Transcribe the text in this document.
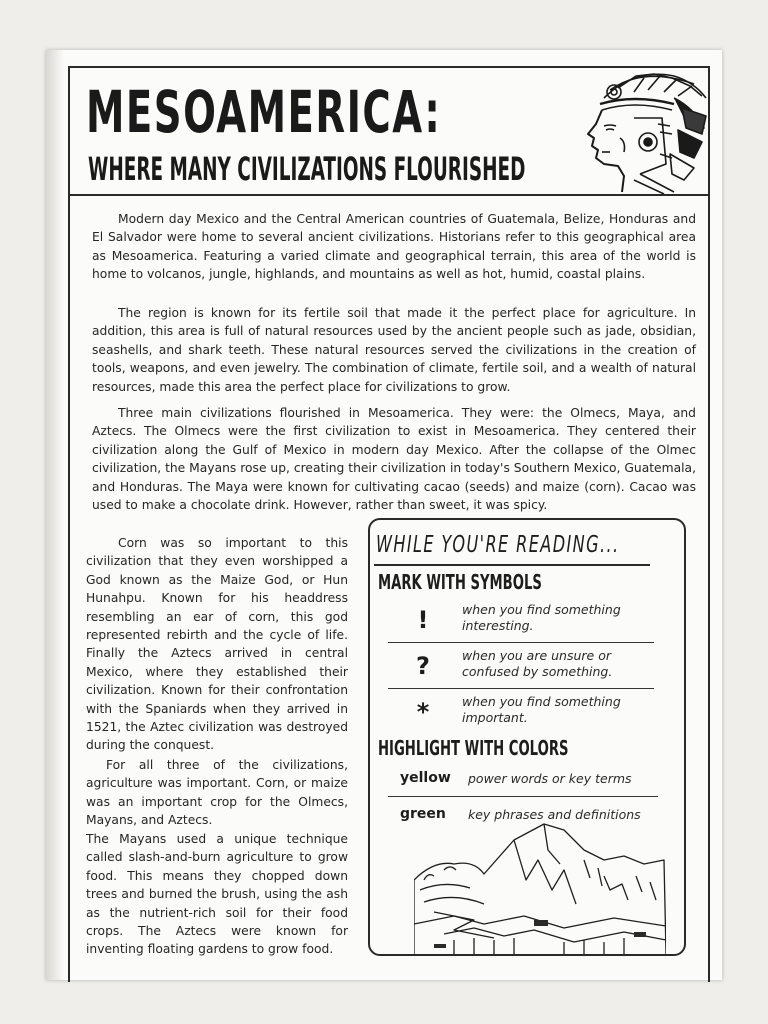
MESOAMERICA:
WHERE MANY CIVILIZATIONS FLOURISHED

Modern day Mexico and the Central American countries of Guatemala, Belize, Honduras and El Salvador were home to several ancient civilizations. Historians refer to this geographical area as Mesoamerica. Featuring a varied climate and geographical terrain, this area of the world is home to volcanos, jungle, highlands, and mountains as well as hot, humid, coastal plains.

The region is known for its fertile soil that made it the perfect place for agriculture. In addition, this area is full of natural resources used by the ancient people such as jade, obsidian, seashells, and shark teeth. These natural resources served the civilizations in the creation of tools, weapons, and even jewelry. The combination of climate, fertile soil, and a wealth of natural resources, made this area the perfect place for civilizations to grow.

Three main civilizations flourished in Mesoamerica. They were: the Olmecs, Maya, and Aztecs. The Olmecs were the first civilization to exist in Mesoamerica. They centered their civilization along the Gulf of Mexico in modern day Mexico. After the collapse of the Olmec civilization, the Mayans rose up, creating their civilization in today's Southern Mexico, Guatemala, and Honduras. The Maya were known for cultivating cacao (seeds) and maize (corn). Cacao was used to make a chocolate drink. However, rather than sweet, it was spicy.

Corn was so important to this civilization that they even worshipped a God known as the Maize God, or Hun Hunahpu. Known for his headdress resembling an ear of corn, this god represented rebirth and the cycle of life. Finally the Aztecs arrived in central Mexico, where they established their civilization. Known for their confrontation with the Spaniards when they arrived in 1521, the Aztec civilization was destroyed during the conquest.

For all three of the civilizations, agriculture was important. Corn, or maize was an important crop for the Olmecs, Mayans, and Aztecs.

The Mayans used a unique technique called slash-and-burn agriculture to grow food. This means they chopped down trees and burned the brush, using the ash as the nutrient-rich soil for their food crops. The Aztecs were known for inventing floating gardens to grow food.

WHILE YOU'RE READING...
MARK WITH SYMBOLS
!	when you find something interesting.
?	when you are unsure or confused by something.
*	when you find something important.
HIGHLIGHT WITH COLORS
yellow power words or key terms
green key phrases and definitions
